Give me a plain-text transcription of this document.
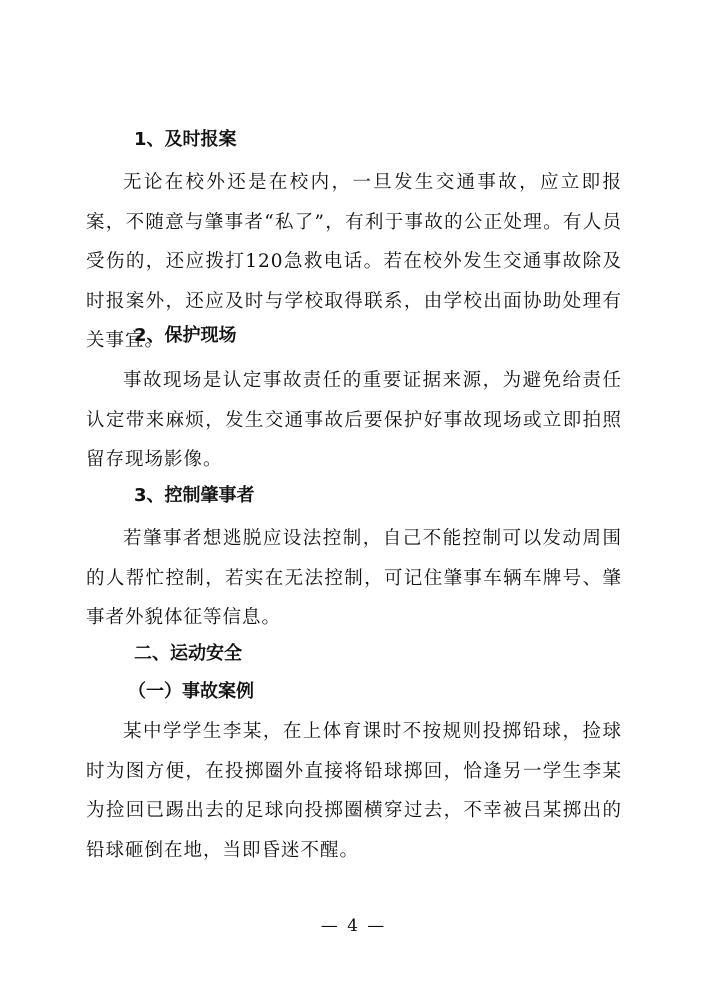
1、及时报案

无论在校外还是在校内，一旦发生交通事故，应立即报案，不随意与肇事者“私了”，有利于事故的公正处理。有人员受伤的，还应拨打120急救电话。若在校外发生交通事故除及时报案外，还应及时与学校取得联系，由学校出面协助处理有关事宜。

2、保护现场

事故现场是认定事故责任的重要证据来源，为避免给责任认定带来麻烦，发生交通事故后要保护好事故现场或立即拍照留存现场影像。

3、控制肇事者

若肇事者想逃脱应设法控制，自己不能控制可以发动周围的人帮忙控制，若实在无法控制，可记住肇事车辆车牌号、肇事者外貌体征等信息。

二、运动安全
（一）事故案例

某中学学生李某，在上体育课时不按规则投掷铅球，捡球时为图方便，在投掷圈外直接将铅球掷回，恰逢另一学生李某为捡回已踢出去的足球向投掷圈横穿过去，不幸被吕某掷出的铅球砸倒在地，当即昏迷不醒。

— 4 —
